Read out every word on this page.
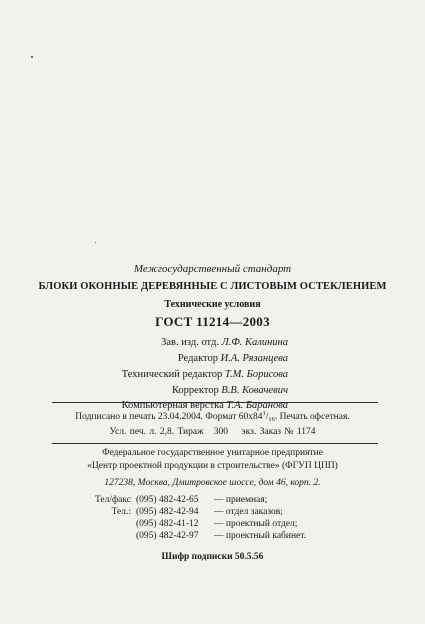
Межгосударственный стандарт
БЛОКИ ОКОННЫЕ ДЕРЕВЯННЫЕ С ЛИСТОВЫМ ОСТЕКЛЕНИЕМ
Технические условия
ГОСТ 11214—2003
Зав. изд. отд. Л.Ф. Калинина
Редактор И.А. Рязанцева
Технический редактор Т.М. Борисова
Корректор В.В. Ковачевич
Компьютерная верстка Т.А. Баранова
Подписано в печать 23.04.2004. Формат $60x84^1/_{16}$. Печать офсетная.
Усл. печ. л. 2,8. Тираж 300 экз. Заказ № 1174
Федеральное государственное унитарное предприятие
«Центр проектной продукции в строительстве» (ФГУП ЦПП)
127238, Москва, Дмитровское шоссе, дом 46, корп. 2.
Тел/факс (095) 482-42-65 — приемная;
Тел.: (095) 482-42-94 — отдел заказов;
(095) 482-41-12 — проектный отдел;
(095) 482-42-97 — проектный кабинет.
Шифр подписки 50.5.56
